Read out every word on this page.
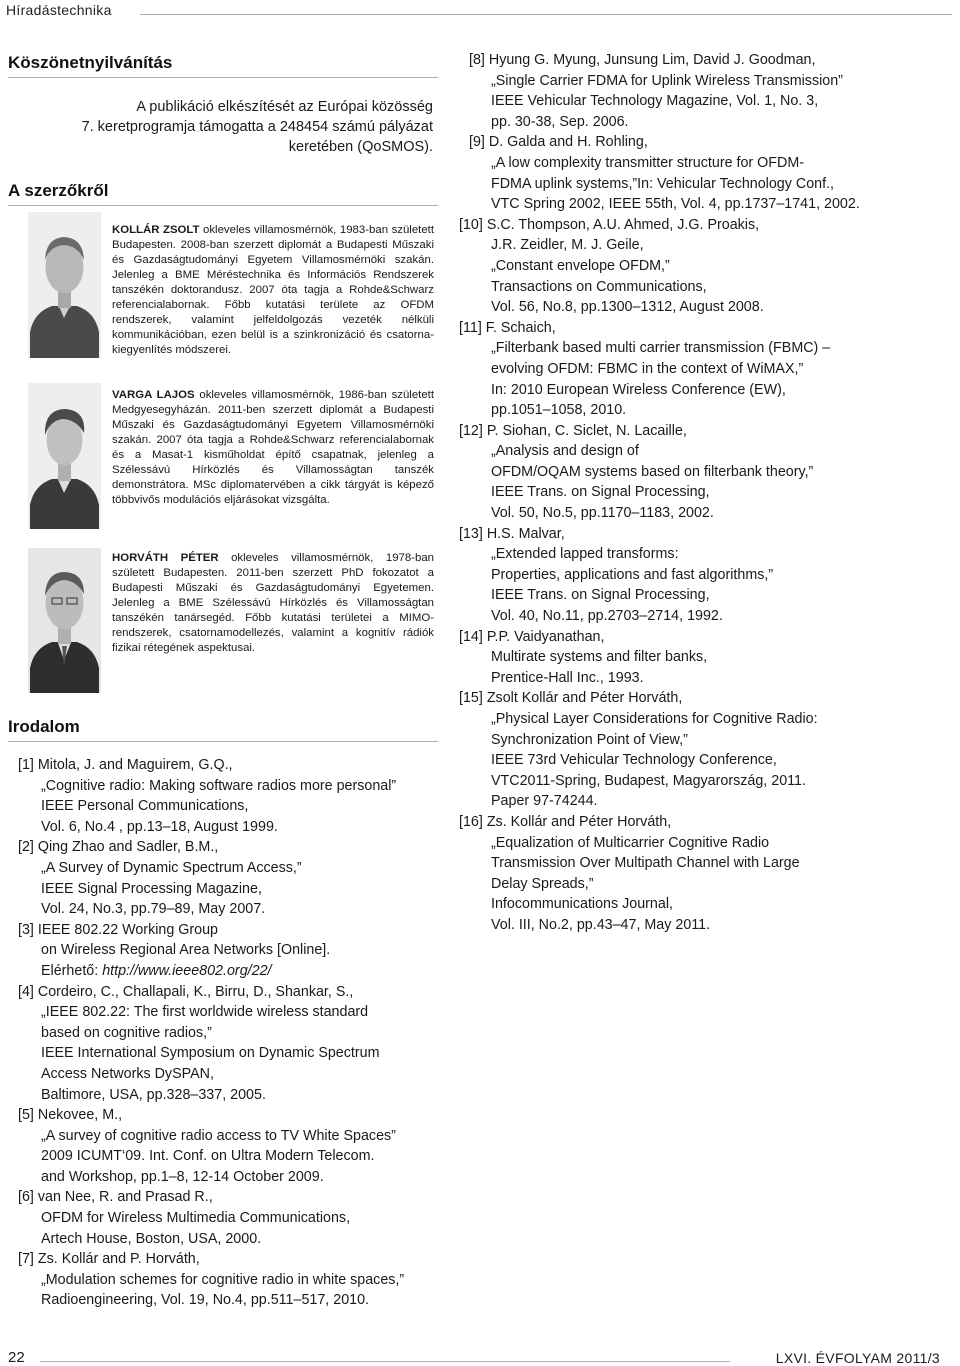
Híradástechnika
Köszönetnyilvánítás
A publikáció elkészítését az Európai közösség
7. keretprogramja támogatta a 248454 számú pályázat
keretében (QoSMOS).
A szerzőkről
KOLLÁR ZSOLT okleveles villamosmérnök, 1983-ban született Budapesten. 2008-ban szerzett diplomát a Budapesti Műszaki és Gazdaságtudományi Egyetem Villamosmérnöki szakán. Jelenleg a BME Méréstechnika és Információs Rendszerek tanszékén doktorandusz. 2007 óta tagja a Rohde&Schwarz referencialabornak. Főbb kutatási területe az OFDM rendszerek, valamint jelfeldolgozás vezeték nélküli kommunikációban, ezen belül is a szinkronizáció és csatorna-kiegyenlítés módszerei.
VARGA LAJOS okleveles villamosmérnök, 1986-ban született Medgyesegyházán. 2011-ben szerzett diplomát a Budapesti Műszaki és Gazdaságtudományi Egyetem Villamosmérnöki szakán. 2007 óta tagja a Rohde&Schwarz referencialabornak és a Masat-1 kisműholdat építő csapatnak, jelenleg a Szélessávú Hírközlés és Villamosságtan tanszék demonstrátora. MSc diplomatervében a cikk tárgyát is képező többvivős modulációs eljárásokat vizsgálta.
HORVÁTH PÉTER okleveles villamosmérnök, 1978-ban született Budapesten. 2011-ben szerzett PhD fokozatot a Budapesti Műszaki és Gazdaságtudományi Egyetemen. Jelenleg a BME Szélessávú Hírközlés és Villamosságtan tanszékén tanársegéd. Főbb kutatási területei a MIMO-rendszerek, csatornamodellezés, valamint a kognitív rádiók fizikai rétegének aspektusai.
Irodalom
[1] Mitola, J. and Maguirem, G.Q.,
„Cognitive radio: Making software radios more personal”
IEEE Personal Communications,
Vol. 6, No.4 , pp.13–18, August 1999.
[2] Qing Zhao and Sadler, B.M.,
„A Survey of Dynamic Spectrum Access,”
IEEE Signal Processing Magazine,
Vol. 24, No.3, pp.79–89, May 2007.
[3] IEEE 802.22 Working Group
on Wireless Regional Area Networks [Online].
Elérhető: http://www.ieee802.org/22/
[4] Cordeiro, C., Challapali, K., Birru, D., Shankar, S.,
„IEEE 802.22: The first worldwide wireless standard
based on cognitive radios,”
IEEE International Symposium on Dynamic Spectrum
Access Networks DySPAN,
Baltimore, USA, pp.328–337, 2005.
[5] Nekovee, M.,
„A survey of cognitive radio access to TV White Spaces”
2009 ICUMT‘09. Int. Conf. on Ultra Modern Telecom.
and Workshop, pp.1–8, 12-14 October 2009.
[6] van Nee, R. and Prasad R.,
OFDM for Wireless Multimedia Communications,
Artech House, Boston, USA, 2000.
[7] Zs. Kollár and P. Horváth,
„Modulation schemes for cognitive radio in white spaces,”
Radioengineering, Vol. 19, No.4, pp.511–517, 2010.
[8] Hyung G. Myung, Junsung Lim, David J. Goodman,
„Single Carrier FDMA for Uplink Wireless Transmission”
IEEE Vehicular Technology Magazine, Vol. 1, No. 3,
pp. 30-38, Sep. 2006.
[9] D. Galda and H. Rohling,
„A low complexity transmitter structure for OFDM-
FDMA uplink systems,”In: Vehicular Technology Conf.,
VTC Spring 2002, IEEE 55th, Vol. 4, pp.1737–1741, 2002.
[10] S.C. Thompson, A.U. Ahmed, J.G. Proakis,
J.R. Zeidler, M. J. Geile,
„Constant envelope OFDM,”
Transactions on Communications,
Vol. 56, No.8, pp.1300–1312, August 2008.
[11] F. Schaich,
„Filterbank based multi carrier transmission (FBMC) –
evolving OFDM: FBMC in the context of WiMAX,”
In: 2010 European Wireless Conference (EW),
pp.1051–1058, 2010.
[12] P. Siohan, C. Siclet, N. Lacaille,
„Analysis and design of
OFDM/OQAM systems based on filterbank theory,”
IEEE Trans. on Signal Processing,
Vol. 50, No.5, pp.1170–1183, 2002.
[13] H.S. Malvar,
„Extended lapped transforms:
Properties, applications and fast algorithms,”
IEEE Trans. on Signal Processing,
Vol. 40, No.11, pp.2703–2714, 1992.
[14] P.P. Vaidyanathan,
Multirate systems and filter banks,
Prentice-Hall Inc., 1993.
[15] Zsolt Kollár and Péter Horváth,
„Physical Layer Considerations for Cognitive Radio:
Synchronization Point of View,”
IEEE 73rd Vehicular Technology Conference,
VTC2011-Spring, Budapest, Magyarország, 2011.
Paper 97-74244.
[16] Zs. Kollár and Péter Horváth,
„Equalization of Multicarrier Cognitive Radio
Transmission Over Multipath Channel with Large
Delay Spreads,”
Infocommunications Journal,
Vol. III, No.2, pp.43–47, May 2011.
22	LXVI. ÉVFOLYAM 2011/3
